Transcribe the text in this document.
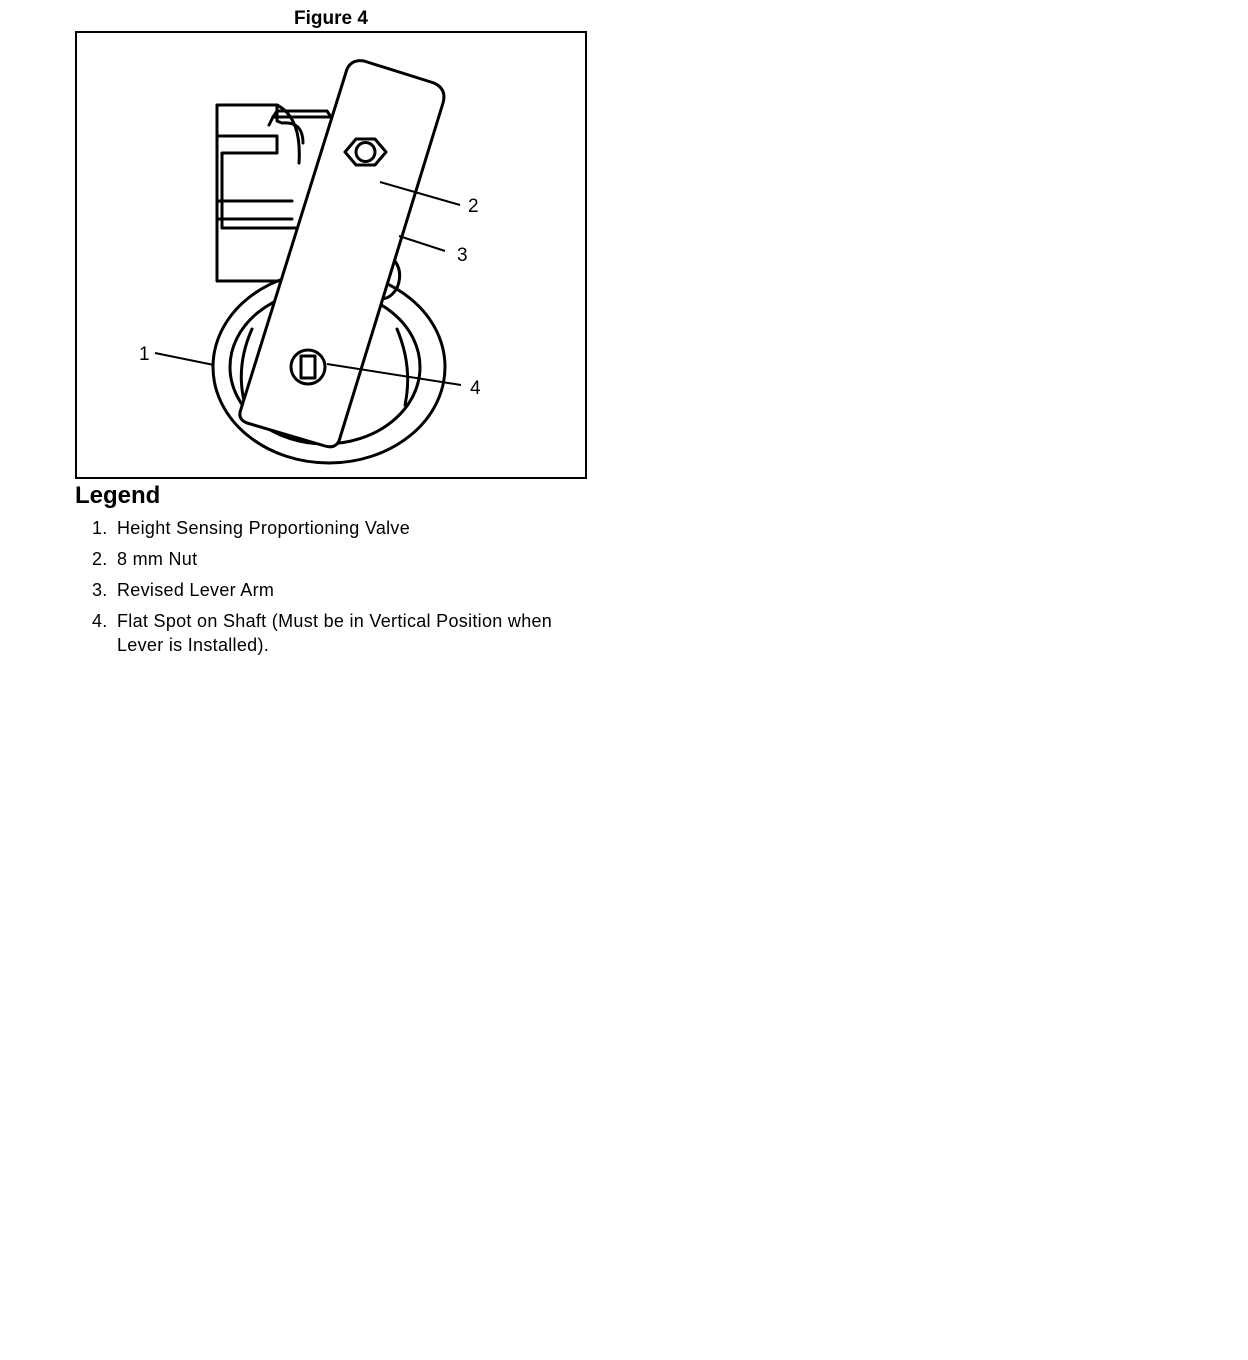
Figure 4
1
2
3
4
Legend
1. Height Sensing Proportioning Valve
2. 8 mm Nut
3. Revised Lever Arm
4. Flat Spot on Shaft (Must be in Vertical Position when Lever is Installed).
